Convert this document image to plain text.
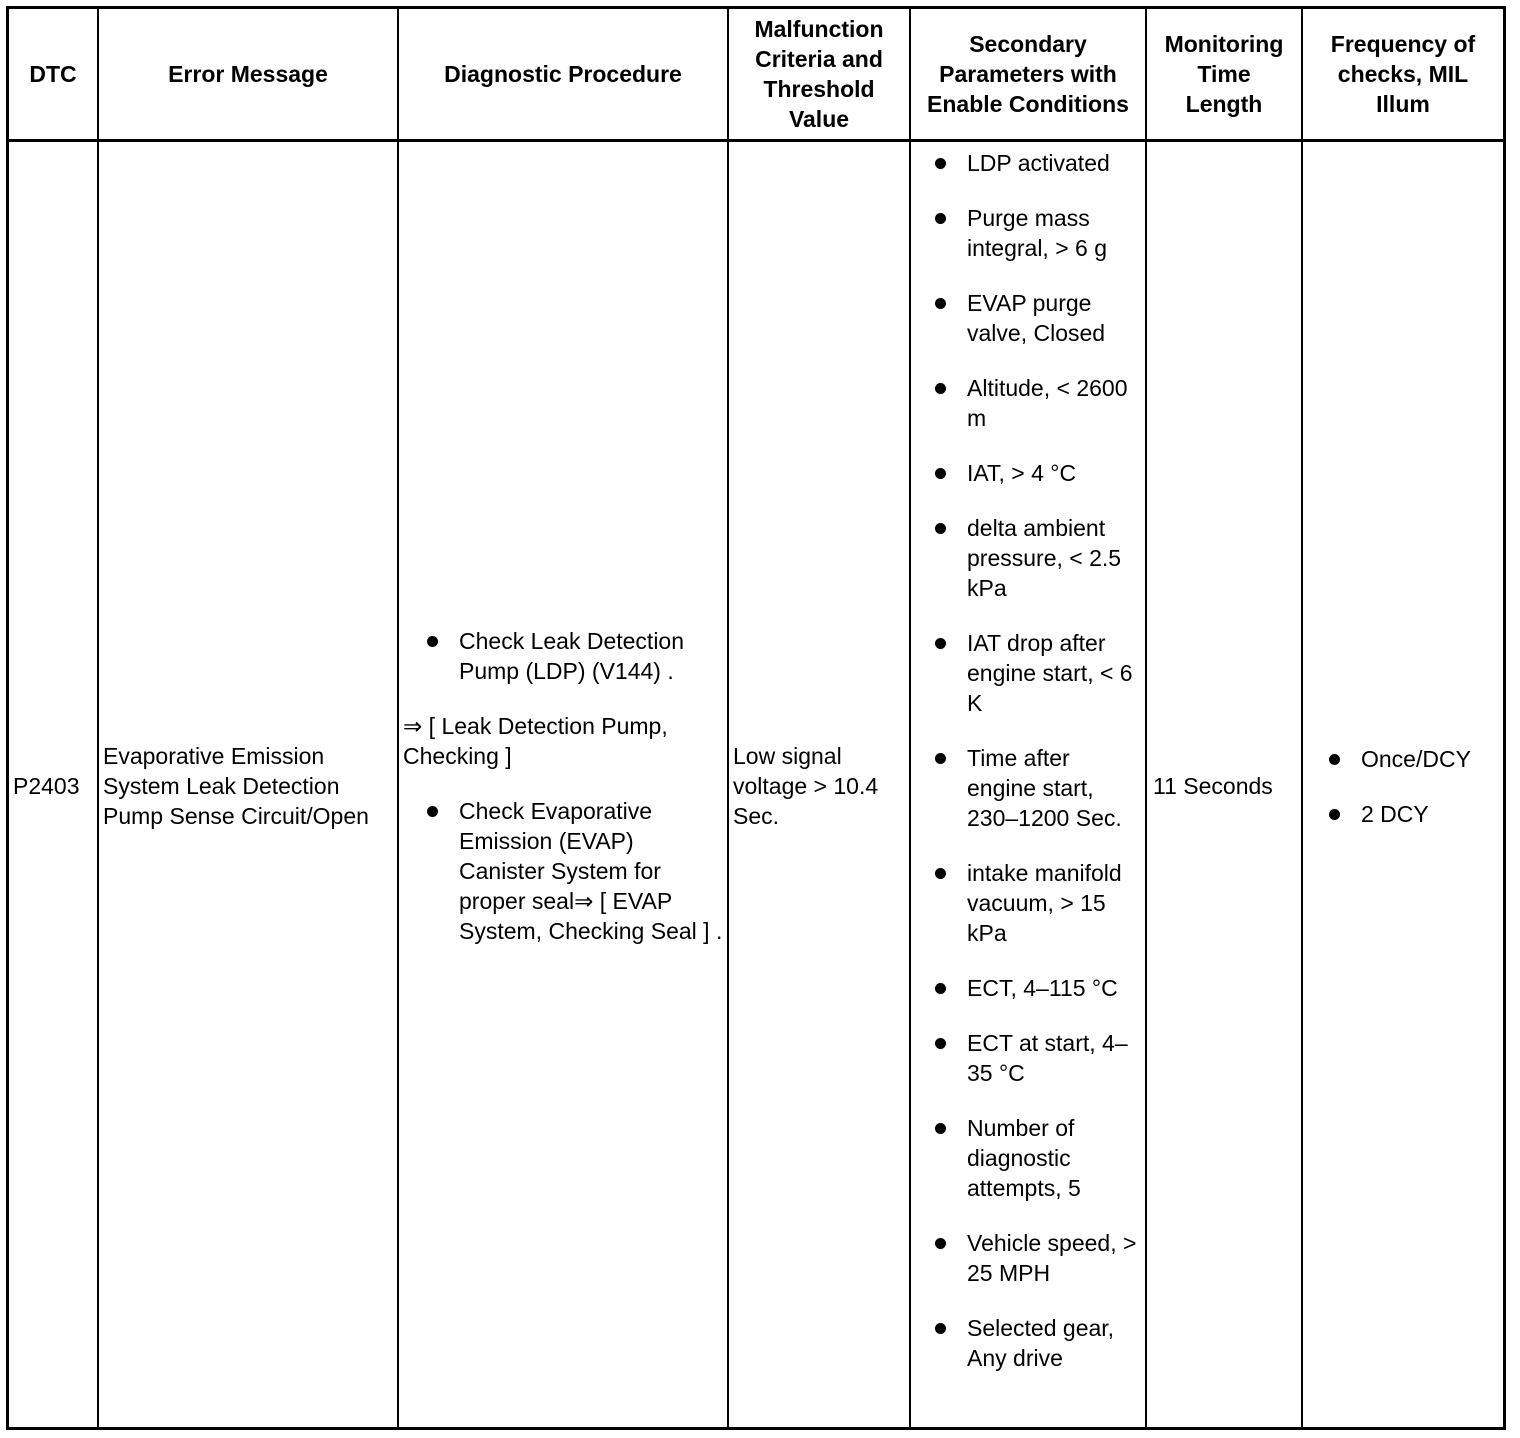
DTC	Error Message	Diagnostic Procedure
Malfunction Criteria and Threshold Value
Secondary Parameters with Enable Conditions
Monitoring Time Length
Frequency of checks, MIL Illum
P2403
Evaporative Emission System Leak Detection Pump Sense Circuit/Open
Check Leak Detection Pump (LDP) (V144) .
⇒ [ Leak Detection Pump, Checking ]
Check Evaporative Emission (EVAP) Canister System for proper seal⇒ [ EVAP System, Checking Seal ] .
Low signal voltage > 10.4 Sec.
LDP activated
Purge mass integral, > 6 g
EVAP purge valve, Closed
Altitude, < 2600 m
IAT, > 4 °C
delta ambient pressure, < 2.5 kPa
IAT drop after engine start, < 6 K
Time after engine start, 230–1200 Sec.
intake manifold vacuum, > 15 kPa
ECT, 4–115 °C
ECT at start, 4–35 °C
Number of diagnostic attempts, 5
Vehicle speed, > 25 MPH
Selected gear, Any drive
11 Seconds
Once/DCY
2 DCY
